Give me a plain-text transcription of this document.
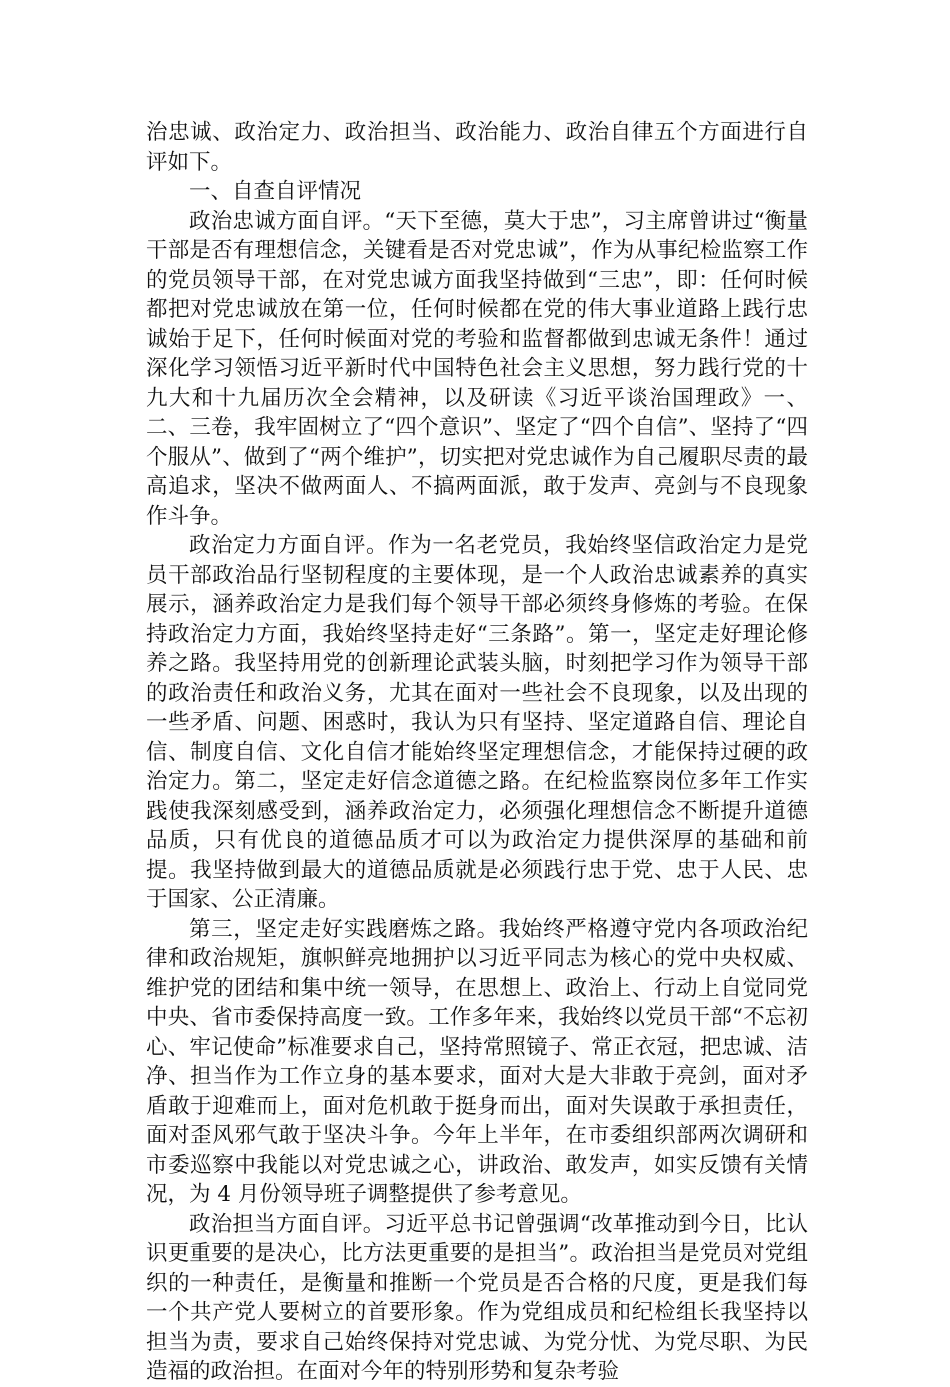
治忠诚、政治定力、政治担当、政治能力、政治自律五个方面进行自评如下。

一、自查自评情况

政治忠诚方面自评。“天下至德，莫大于忠”，习主席曾讲过“衡量干部是否有理想信念，关键看是否对党忠诚”，作为从事纪检监察工作的党员领导干部，在对党忠诚方面我坚持做到“三忠”，即：任何时候都把对党忠诚放在第一位，任何时候都在党的伟大事业道路上践行忠诚始于足下，任何时候面对党的考验和监督都做到忠诚无条件！通过深化学习领悟习近平新时代中国特色社会主义思想，努力践行党的十九大和十九届历次全会精神，以及研读《习近平谈治国理政》一、二、三卷，我牢固树立了“四个意识”、坚定了“四个自信”、坚持了“四个服从”、做到了“两个维护”，切实把对党忠诚作为自己履职尽责的最高追求，坚决不做两面人、不搞两面派，敢于发声、亮剑与不良现象作斗争。

政治定力方面自评。作为一名老党员，我始终坚信政治定力是党员干部政治品行坚韧程度的主要体现，是一个人政治忠诚素养的真实展示，涵养政治定力是我们每个领导干部必须终身修炼的考验。在保持政治定力方面，我始终坚持走好“三条路”。第一，坚定走好理论修养之路。我坚持用党的创新理论武装头脑，时刻把学习作为领导干部的政治责任和政治义务，尤其在面对一些社会不良现象，以及出现的一些矛盾、问题、困惑时，我认为只有坚持、坚定道路自信、理论自信、制度自信、文化自信才能始终坚定理想信念，才能保持过硬的政治定力。第二，坚定走好信念道德之路。在纪检监察岗位多年工作实践使我深刻感受到，涵养政治定力，必须强化理想信念不断提升道德品质，只有优良的道德品质才可以为政治定力提供深厚的基础和前提。我坚持做到最大的道德品质就是必须践行忠于党、忠于人民、忠于国家、公正清廉。

第三，坚定走好实践磨炼之路。我始终严格遵守党内各项政治纪律和政治规矩，旗帜鲜亮地拥护以习近平同志为核心的党中央权威、维护党的团结和集中统一领导，在思想上、政治上、行动上自觉同党中央、省市委保持高度一致。工作多年来，我始终以党员干部“不忘初心、牢记使命”标准要求自己，坚持常照镜子、常正衣冠，把忠诚、洁净、担当作为工作立身的基本要求，面对大是大非敢于亮剑，面对矛盾敢于迎难而上，面对危机敢于挺身而出，面对失误敢于承担责任，面对歪风邪气敢于坚决斗争。今年上半年，在市委组织部两次调研和市委巡察中我能以对党忠诚之心，讲政治、敢发声，如实反馈有关情况，为 4 月份领导班子调整提供了参考意见。

政治担当方面自评。习近平总书记曾强调“改革推动到今日，比认识更重要的是决心，比方法更重要的是担当”。政治担当是党员对党组织的一种责任，是衡量和推断一个党员是否合格的尺度，更是我们每一个共产党人要树立的首要形象。作为党组成员和纪检组长我坚持以担当为责，要求自己始终保持对党忠诚、为党分忧、为党尽职、为民造福的政治担。在面对今年的特别形势和复杂考验
